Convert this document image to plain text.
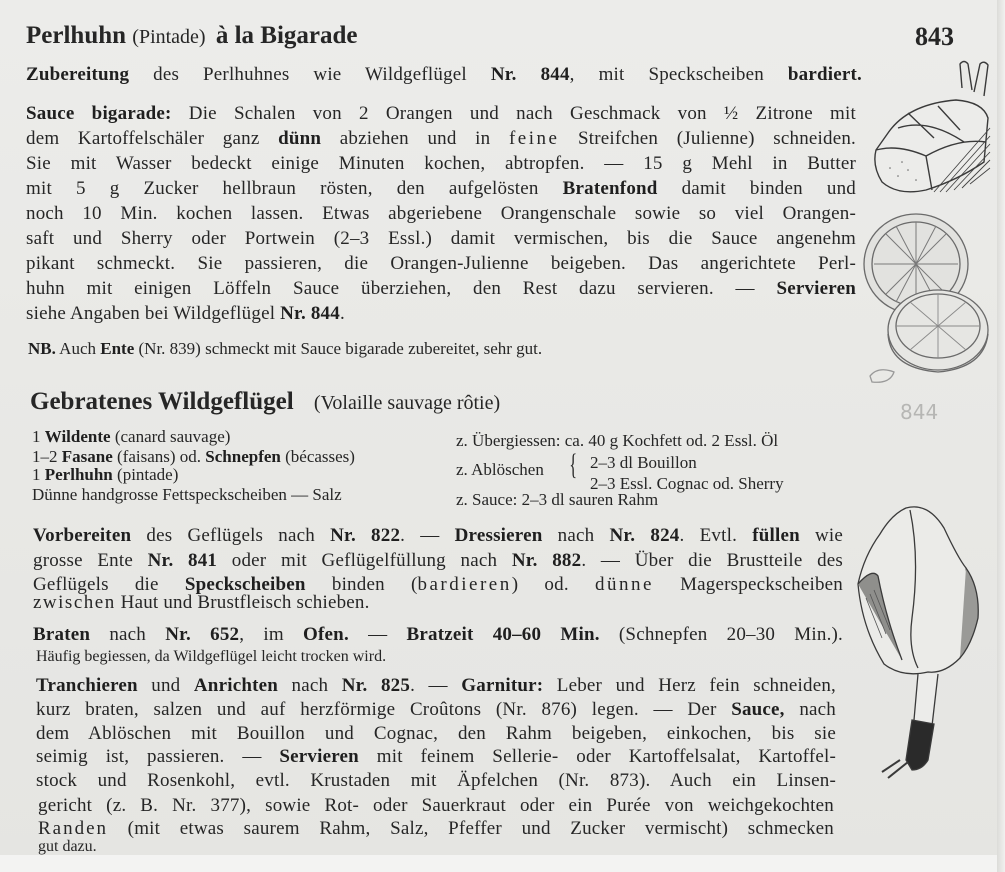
843
Perlhuhn (Pintade) à la Bigarade
Zubereitung des Perlhuhnes wie Wildgeflügel Nr. 844, mit Speckscheiben bardiert.
Sauce bigarade: Die Schalen von 2 Orangen und nach Geschmack von ½ Zitrone mit
dem Kartoffelschäler ganz dünn abziehen und in feine Streifchen (Julienne) schneiden.
Sie mit Wasser bedeckt einige Minuten kochen, abtropfen. — 15 g Mehl in Butter
mit 5 g Zucker hellbraun rösten, den aufgelösten Bratenfond damit binden und
noch 10 Min. kochen lassen. Etwas abgeriebene Orangenschale sowie so viel Orangen-
saft und Sherry oder Portwein (2–3 Essl.) damit vermischen, bis die Sauce angenehm
pikant schmeckt. Sie passieren, die Orangen-Julienne beigeben. Das angerichtete Perl-
huhn mit einigen Löffeln Sauce überziehen, den Rest dazu servieren. — Servieren
siehe Angaben bei Wildgeflügel Nr. 844.
NB. Auch Ente (Nr. 839) schmeckt mit Sauce bigarade zubereitet, sehr gut.
Gebratenes Wildgeflügel (Volaille sauvage rôtie)
1 Wildente (canard sauvage)
1–2 Fasane (faisans) od. Schnepfen (bécasses)
1 Perlhuhn (pintade)
Dünne handgrosse Fettspeckscheiben — Salz
z. Übergiessen: ca. 40 g Kochfett od. 2 Essl. Öl
z. Ablöschen { 2–3 dl Bouillon
2–3 Essl. Cognac od. Sherry
z. Sauce: 2–3 dl sauren Rahm
Vorbereiten des Geflügels nach Nr. 822. — Dressieren nach Nr. 824. Evtl. füllen wie
grosse Ente Nr. 841 oder mit Geflügelfüllung nach Nr. 882. — Über die Brustteile des
Geflügels die Speckscheiben binden (bardieren) od. dünne Magerspeckscheiben
zwischen Haut und Brustfleisch schieben.
Braten nach Nr. 652, im Ofen. — Bratzeit 40–60 Min. (Schnepfen 20–30 Min.).
Häufig begiessen, da Wildgeflügel leicht trocken wird.
Tranchieren und Anrichten nach Nr. 825. — Garnitur: Leber und Herz fein schneiden,
kurz braten, salzen und auf herzförmige Croûtons (Nr. 876) legen. — Der Sauce, nach
dem Ablöschen mit Bouillon und Cognac, den Rahm beigeben, einkochen, bis sie
seimig ist, passieren. — Servieren mit feinem Sellerie- oder Kartoffelsalat, Kartoffel-
stock und Rosenkohl, evtl. Krustaden mit Äpfelchen (Nr. 873). Auch ein Linsen-
gericht (z. B. Nr. 377), sowie Rot- oder Sauerkraut oder ein Purée von weichgekochten
Randen (mit etwas saurem Rahm, Salz, Pfeffer und Zucker vermischt) schmecken
gut dazu.
844
